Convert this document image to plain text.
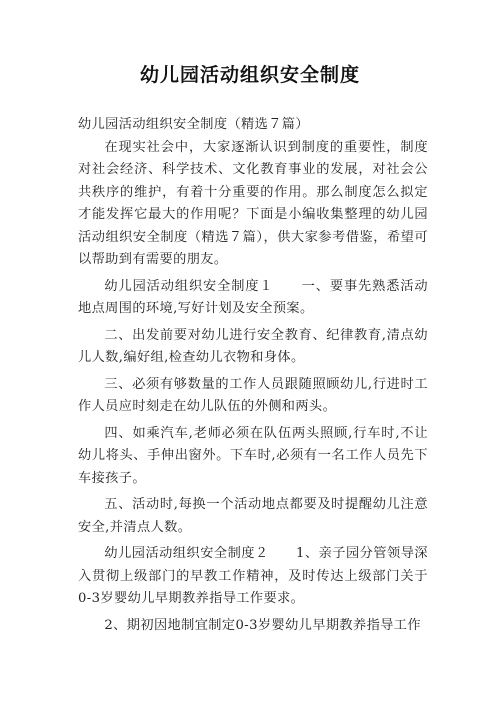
幼儿园活动组织安全制度

幼儿园活动组织安全制度（精选７篇）

在现实社会中，大家逐渐认识到制度的重要性，制度对社会经济、科学技术、文化教育事业的发展，对社会公共秩序的维护，有着十分重要的作用。那么制度怎么拟定才能发挥它最大的作用呢？下面是小编收集整理的幼儿园活动组织安全制度（精选７篇），供大家参考借鉴，希望可以帮助到有需要的朋友。

幼儿园活动组织安全制度１　　一、要事先熟悉活动地点周围的环境,写好计划及安全预案。

二、出发前要对幼儿进行安全教育、纪律教育,清点幼儿人数,编好组,检查幼儿衣物和身体。

三、必须有够数量的工作人员跟随照顾幼儿,行进时工作人员应时刻走在幼儿队伍的外侧和两头。

四、如乘汽车,老师必须在队伍两头照顾,行车时,不让幼儿将头、手伸出窗外。下车时,必须有一名工作人员先下车接孩子。

五、活动时,每换一个活动地点都要及时提醒幼儿注意安全,并清点人数。

幼儿园活动组织安全制度２　　1、亲子园分管领导深入贯彻上级部门的早教工作精神，及时传达上级部门关于0-3岁婴幼儿早期教养指导工作要求。

2、期初因地制宜制定0-3岁婴幼儿早期教养指导工作
